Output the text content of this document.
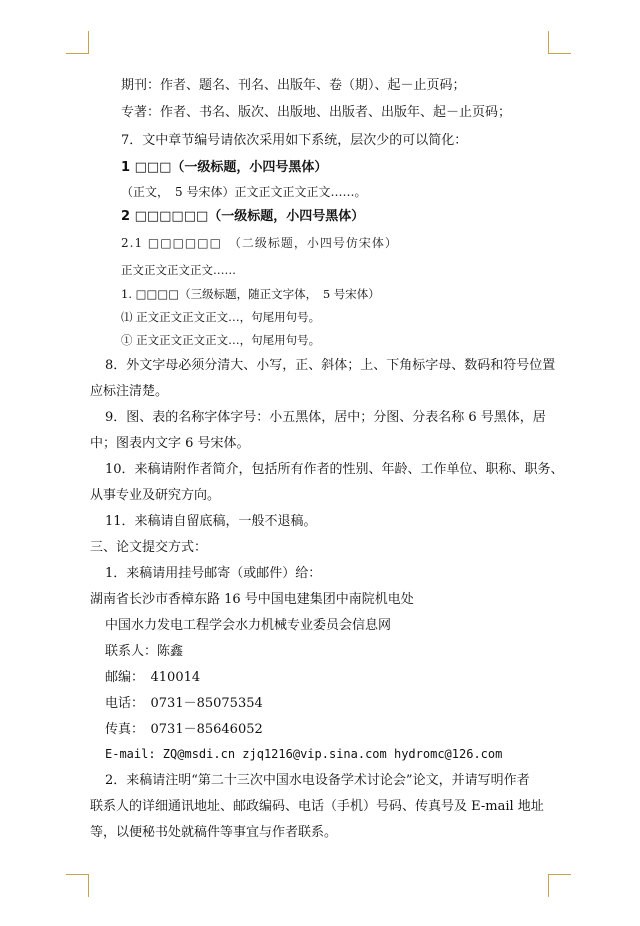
期刊：作者、题名、刊名、出版年、卷（期）、起－止页码；
专著：作者、书名、版次、出版地、出版者、出版年、起－止页码；
7．文中章节编号请依次采用如下系统，层次少的可以简化：
1 □□□（一级标题，小四号黑体）
（正文，　5 号宋体）正文正文正文正文……。
2 □□□□□□（一级标题，小四号黑体）
2.1 □□□□□□　（二级标题，小四号仿宋体）
正文正文正文正文……
1. □□□□（三级标题，随正文字体，　5 号宋体）
⑴ 正文正文正文正文…，句尾用句号。
① 正文正文正文正文…，句尾用句号。
8．外文字母必须分清大、小写，正、斜体；上、下角标字母、数码和符号位置
应标注清楚。
9．图、表的名称字体字号：小五黑体，居中；分图、分表名称 6 号黑体，居
中；图表内文字 6 号宋体。
10．来稿请附作者简介，包括所有作者的性别、年龄、工作单位、职称、职务、
从事专业及研究方向。
11．来稿请自留底稿，一般不退稿。
三、论文提交方式：
1．来稿请用挂号邮寄（或邮件）给：
湖南省长沙市香樟东路 16 号中国电建集团中南院机电处
中国水力发电工程学会水力机械专业委员会信息网
联系人：陈鑫
邮编：　410014
电话：　0731－85075354
传真：　0731－85646052
E-mail: ZQ@msdi.cn zjq1216@vip.sina.com hydromc@126.com
2．来稿请注明“第二十三次中国水电设备学术讨论会”论文，并请写明作者
联系人的详细通讯地址、邮政编码、电话（手机）号码、传真号及 E-mail 地址
等，以便秘书处就稿件等事宜与作者联系。
